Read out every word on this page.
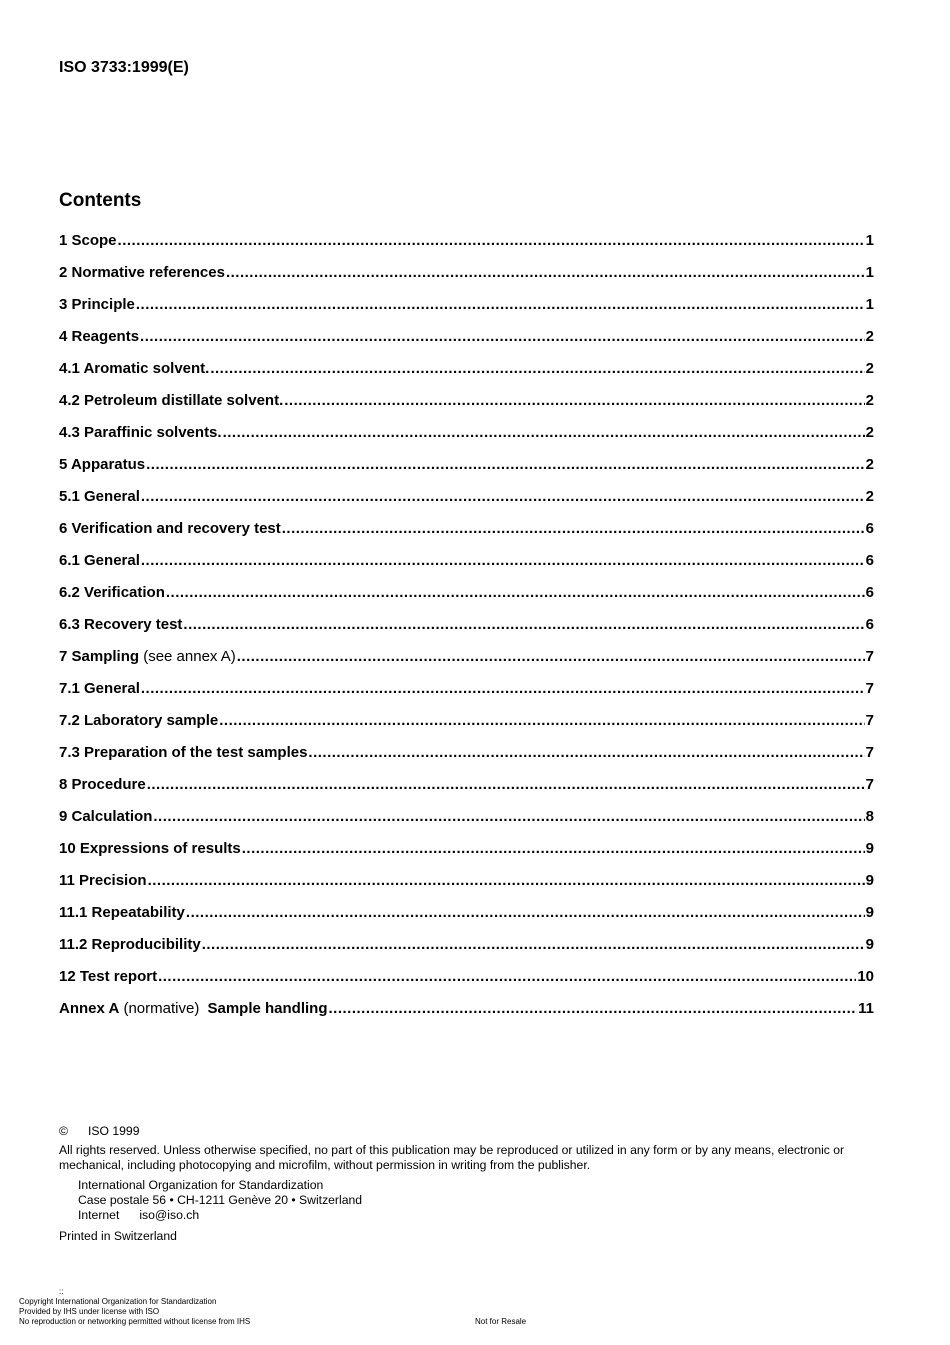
ISO 3733:1999(E)
Contents
1 Scope .....	1
2 Normative references .....	1
3 Principle .....	1
4 Reagents .....	2
4.1 Aromatic solvent. .....	2
4.2 Petroleum distillate solvent. .....	2
4.3 Paraffinic solvents. .....	2
5 Apparatus .....	2
5.1 General .....	2
6 Verification and recovery test .....	6
6.1 General .....	6
6.2 Verification .....	6
6.3 Recovery test .....	6
7 Sampling (see annex A) .....	7
7.1 General .....	7
7.2 Laboratory sample .....	7
7.3 Preparation of the test samples .....	7
8 Procedure .....	7
9 Calculation .....	8
10 Expressions of results .....	9
11 Precision .....	9
11.1 Repeatability .....	9
11.2 Reproducibility .....	9
12 Test report .....	10
Annex A (normative) Sample handling .....	11
© ISO 1999
All rights reserved. Unless otherwise specified, no part of this publication may be reproduced or utilized in any form or by any means, electronic or mechanical, including photocopying and microfilm, without permission in writing from the publisher.
International Organization for Standardization
Case postale 56 • CH-1211 Genève 20 • Switzerland
Internet iso@iso.ch
Printed in Switzerland
::
Copyright International Organization for Standardization
Provided by IHS under license with ISO
No reproduction or networking permitted without license from IHS	Not for Resale
